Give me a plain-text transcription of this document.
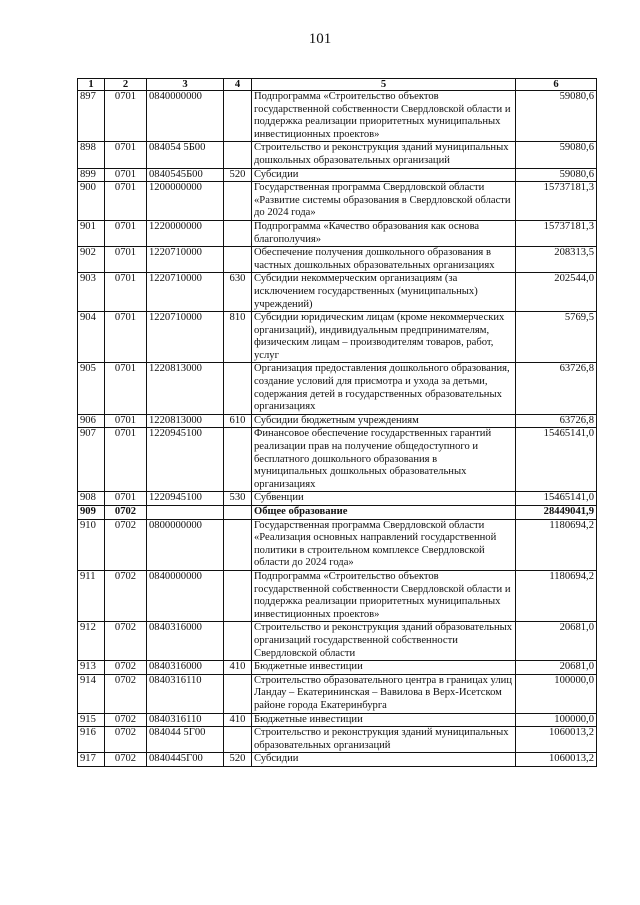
101
1	2	3	4	5	6
897	0701	0840000000		Подпрограмма «Строительство объектов государственной собственности Свердловской области и поддержка реализации приоритетных муниципальных инвестиционных проектов»	59080,6
898	0701	084054 5Б00		Строительство и реконструкция зданий муниципальных дошкольных образовательных организаций	59080,6
899	0701	0840545Б00	520	Субсидии	59080,6
900	0701	1200000000		Государственная программа Свердловской области «Развитие системы образования в Свердловской области до 2024 года»	15737181,3
901	0701	1220000000		Подпрограмма «Качество образования как основа благополучия»	15737181,3
902	0701	1220710000		Обеспечение получения дошкольного образования в частных дошкольных образовательных организациях	208313,5
903	0701	1220710000	630	Субсидии некоммерческим организациям (за исключением государственных (муниципальных) учреждений)	202544,0
904	0701	1220710000	810	Субсидии юридическим лицам (кроме некоммерческих организаций), индивидуальным предпринимателям, физическим лицам – производителям товаров, работ, услуг	5769,5
905	0701	1220813000		Организация предоставления дошкольного образования, создание условий для присмотра и ухода за детьми, содержания детей в государственных образовательных организациях	63726,8
906	0701	1220813000	610	Субсидии бюджетным учреждениям	63726,8
907	0701	1220945100		Финансовое обеспечение государственных гарантий реализации прав на получение общедоступного и бесплатного дошкольного образования в муниципальных дошкольных образовательных организациях	15465141,0
908	0701	1220945100	530	Субвенции	15465141,0
909	0702			Общее образование	28449041,9
910	0702	0800000000		Государственная программа Свердловской области «Реализация основных направлений государственной политики в строительном комплексе Свердловской области до 2024 года»	1180694,2
911	0702	0840000000		Подпрограмма «Строительство объектов государственной собственности Свердловской области и поддержка реализации приоритетных муниципальных инвестиционных проектов»	1180694,2
912	0702	0840316000		Строительство и реконструкция зданий образовательных организаций государственной собственности Свердловской области	20681,0
913	0702	0840316000	410	Бюджетные инвестиции	20681,0
914	0702	0840316110		Строительство образовательного центра в границах улиц Ландау – Екатерининская – Вавилова в Верх-Исетском районе города Екатеринбурга	100000,0
915	0702	0840316110	410	Бюджетные инвестиции	100000,0
916	0702	084044 5Г00		Строительство и реконструкция зданий муниципальных образовательных организаций	1060013,2
917	0702	0840445Г00	520	Субсидии	1060013,2
